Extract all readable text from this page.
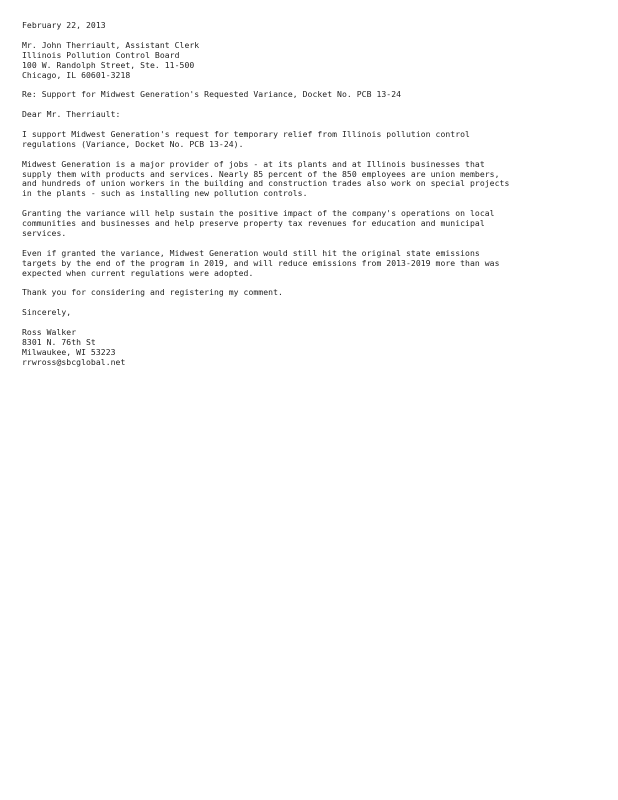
February 22, 2013
Mr. John Therriault, Assistant Clerk
Illinois Pollution Control Board
100 W. Randolph Street, Ste. 11-500
Chicago, IL 60601-3218
Re: Support for Midwest Generation's Requested Variance, Docket No. PCB 13-24
Dear Mr. Therriault:
I support Midwest Generation's request for temporary relief from Illinois pollution control
regulations (Variance, Docket No. PCB 13-24).
Midwest Generation is a major provider of jobs - at its plants and at Illinois businesses that
supply them with products and services. Nearly 85 percent of the 850 employees are union members,
and hundreds of union workers in the building and construction trades also work on special projects
in the plants - such as installing new pollution controls.
Granting the variance will help sustain the positive impact of the company's operations on local
communities and businesses and help preserve property tax revenues for education and municipal
services.
Even if granted the variance, Midwest Generation would still hit the original state emissions
targets by the end of the program in 2019, and will reduce emissions from 2013-2019 more than was
expected when current regulations were adopted.
Thank you for considering and registering my comment.
Sincerely,
Ross Walker
8301 N. 76th St
Milwaukee, WI 53223
rrwross@sbcglobal.net
